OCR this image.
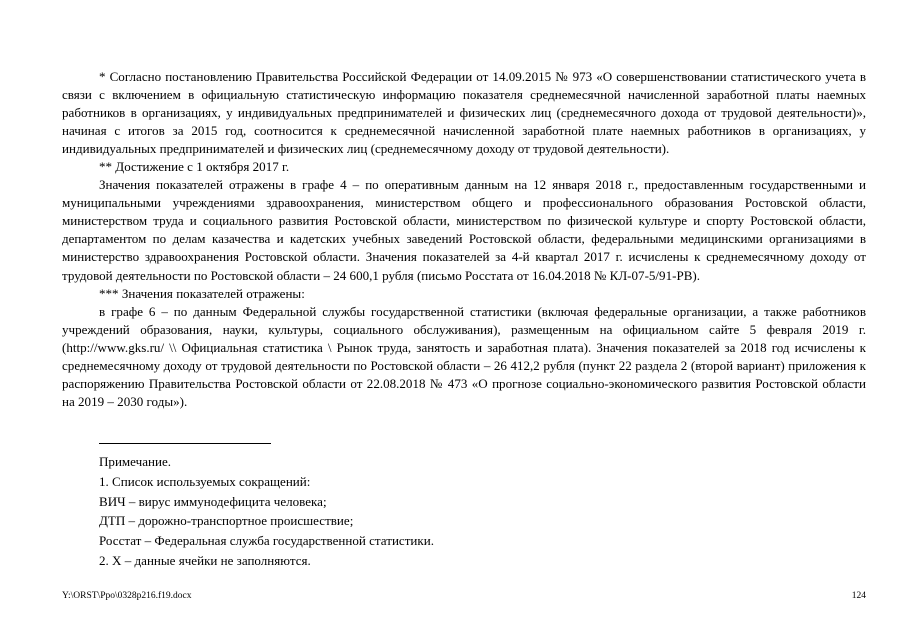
* Согласно постановлению Правительства Российской Федерации от 14.09.2015 № 973 «О совершенствовании статистического учета в связи с включением в официальную статистическую информацию показателя среднемесячной начисленной заработной платы наемных работников в организациях, у индивидуальных предпринимателей и физических лиц (среднемесячного дохода от трудовой деятельности)», начиная с итогов за 2015 год, соотносится к среднемесячной начисленной заработной плате наемных работников в организациях, у индивидуальных предпринимателей и физических лиц (среднемесячному доходу от трудовой деятельности).

** Достижение с 1 октября 2017 г.

Значения показателей отражены в графе 4 – по оперативным данным на 12 января 2018 г., предоставленным государственными и муниципальными учреждениями здравоохранения, министерством общего и профессионального образования Ростовской области, министерством труда и социального развития Ростовской области, министерством по физической культуре и спорту Ростовской области, департаментом по делам казачества и кадетских учебных заведений Ростовской области, федеральными медицинскими организациями в министерство здравоохранения Ростовской области. Значения показателей за 4-й квартал 2017 г. исчислены к среднемесячному доходу от трудовой деятельности по Ростовской области – 24 600,1 рубля (письмо Росстата от 16.04.2018 № КЛ-07-5/91-РВ).

*** Значения показателей отражены:

в графе 6 – по данным Федеральной службы государственной статистики (включая федеральные организации, а также работников учреждений образования, науки, культуры, социального обслуживания), размещенным на официальном сайте 5 февраля 2019 г. (http://www.gks.ru/ \\ Официальная статистика \ Рынок труда, занятость и заработная плата). Значения показателей за 2018 год исчислены к среднемесячному доходу от трудовой деятельности по Ростовской области – 26 412,2 рубля (пункт 22 раздела 2 (второй вариант) приложения к распоряжению Правительства Ростовской области от 22.08.2018 № 473 «О прогнозе социально-экономического развития Ростовской области на 2019 – 2030 годы»).

Примечание.
1. Список используемых сокращений:
ВИЧ – вирус иммунодефицита человека;
ДТП – дорожно-транспортное происшествие;
Росстат – Федеральная служба государственной статистики.
2. Х – данные ячейки не заполняются.
Y:\ORST\Ppo\0328p216.f19.docx	124
